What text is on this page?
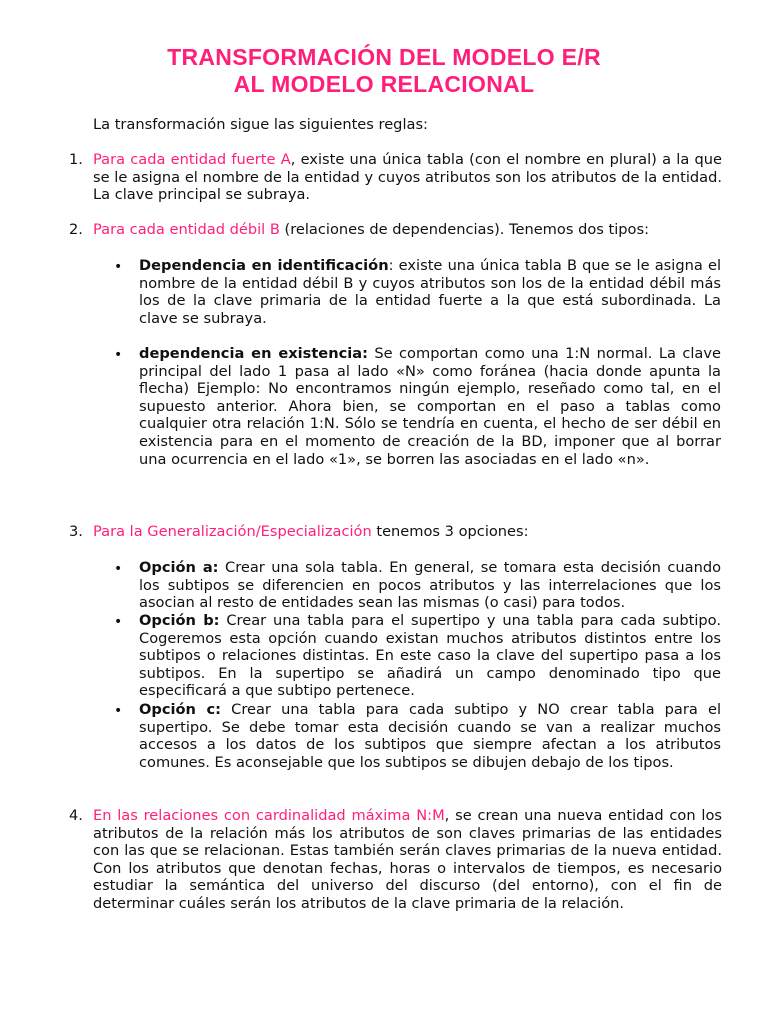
TRANSFORMACIÓN DEL MODELO E/R
AL MODELO RELACIONAL
La transformación sigue las siguientes reglas:
1. Para cada entidad fuerte A, existe una única tabla (con el nombre en plural) a la que se le asigna el nombre de la entidad y cuyos atributos son los atributos de la entidad. La clave principal se subraya.
2. Para cada entidad débil B (relaciones de dependencias). Tenemos dos tipos:
• Dependencia en identificación: existe una única tabla B que se le asigna el nombre de la entidad débil B y cuyos atributos son los de la entidad débil más los de la clave primaria de la entidad fuerte a la que está subordinada. La clave se subraya.
• dependencia en existencia: Se comportan como una 1:N normal. La clave principal del lado 1 pasa al lado «N» como foránea (hacia donde apunta la flecha) Ejemplo: No encontramos ningún ejemplo, reseñado como tal, en el supuesto anterior. Ahora bien, se comportan en el paso a tablas como cualquier otra relación 1:N. Sólo se tendría en cuenta, el hecho de ser débil en existencia para en el momento de creación de la BD, imponer que al borrar una ocurrencia en el lado «1», se borren las asociadas en el lado «n».
3. Para la Generalización/Especialización tenemos 3 opciones:
• Opción a: Crear una sola tabla. En general, se tomara esta decisión cuando los subtipos se diferencien en pocos atributos y las interrelaciones que los asocian al resto de entidades sean las mismas (o casi) para todos.
• Opción b: Crear una tabla para el supertipo y una tabla para cada subtipo. Cogeremos esta opción cuando existan muchos atributos distintos entre los subtipos o relaciones distintas. En este caso la clave del supertipo pasa a los subtipos. En la supertipo se añadirá un campo denominado tipo que especificará a que subtipo pertenece.
• Opción c: Crear una tabla para cada subtipo y NO crear tabla para el supertipo. Se debe tomar esta decisión cuando se van a realizar muchos accesos a los datos de los subtipos que siempre afectan a los atributos comunes. Es aconsejable que los subtipos se dibujen debajo de los tipos.
4. En las relaciones con cardinalidad máxima N:M, se crean una nueva entidad con los atributos de la relación más los atributos de son claves primarias de las entidades con las que se relacionan. Estas también serán claves primarias de la nueva entidad. Con los atributos que denotan fechas, horas o intervalos de tiempos, es necesario estudiar la semántica del universo del discurso (del entorno), con el fin de determinar cuáles serán los atributos de la clave primaria de la relación.
